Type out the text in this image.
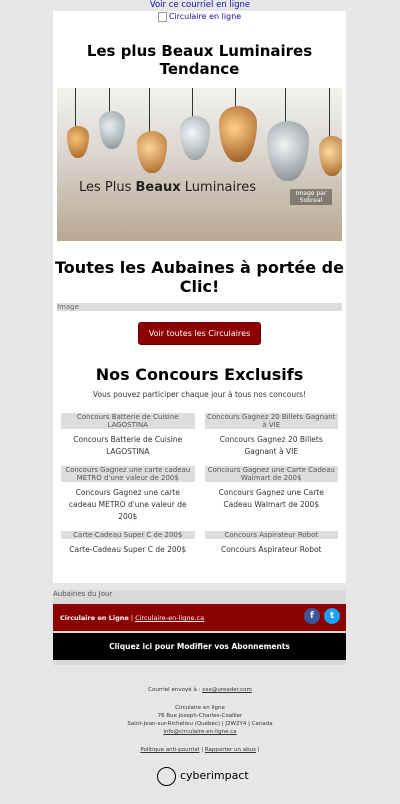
Voir ce courriel en ligne
Circulaire en ligne
Les plus Beaux Luminaires Tendance
Les Plus Beaux Luminaires	Image par Sobreal
Toutes les Aubaines à portée de Clic!
Image
Voir toutes les Circulaires
Nos Concours Exclusifs
Vous pouvez participer chaque jour à tous nos concours!
Concours Batterie de Cuisine LAGOSTINA
Concours Batterie de Cuisine LAGOSTINA
Concours Gagnez 20 Billets Gagnant à VIE
Concours Gagnez 20 Billets Gagnant à VIE
Concours Gagnez une carte cadeau METRO d'une valeur de 200$
Concours Gagnez une carte cadeau METRO d'une valeur de 200$
Concours Gagnez une Carte Cadeau Walmart de 200$
Concours Gagnez une Carte Cadeau Walmart de 200$
Carte-Cadeau Super C de 200$
Carte-Cadeau Super C de 200$
Concours Aspirateur Robot
Concours Aspirateur Robot
Aubaines du Jour
Circulaire en Ligne | Circulaire-en-ligne.ca	f	t
Cliquez ici pour Modifier vos Abonnements
Courriel envoyé à : xxx@ureader.com
Circulaire en ligne
76 Rue Joseph-Charles-Coallier
Saint-Jean-sur-Richelieu (Québec) | J2W2Y4 | Canada
info@circulaire-en-ligne.ca
Politique anti-pourriel | Rapporter un abus |
cyberimpact
